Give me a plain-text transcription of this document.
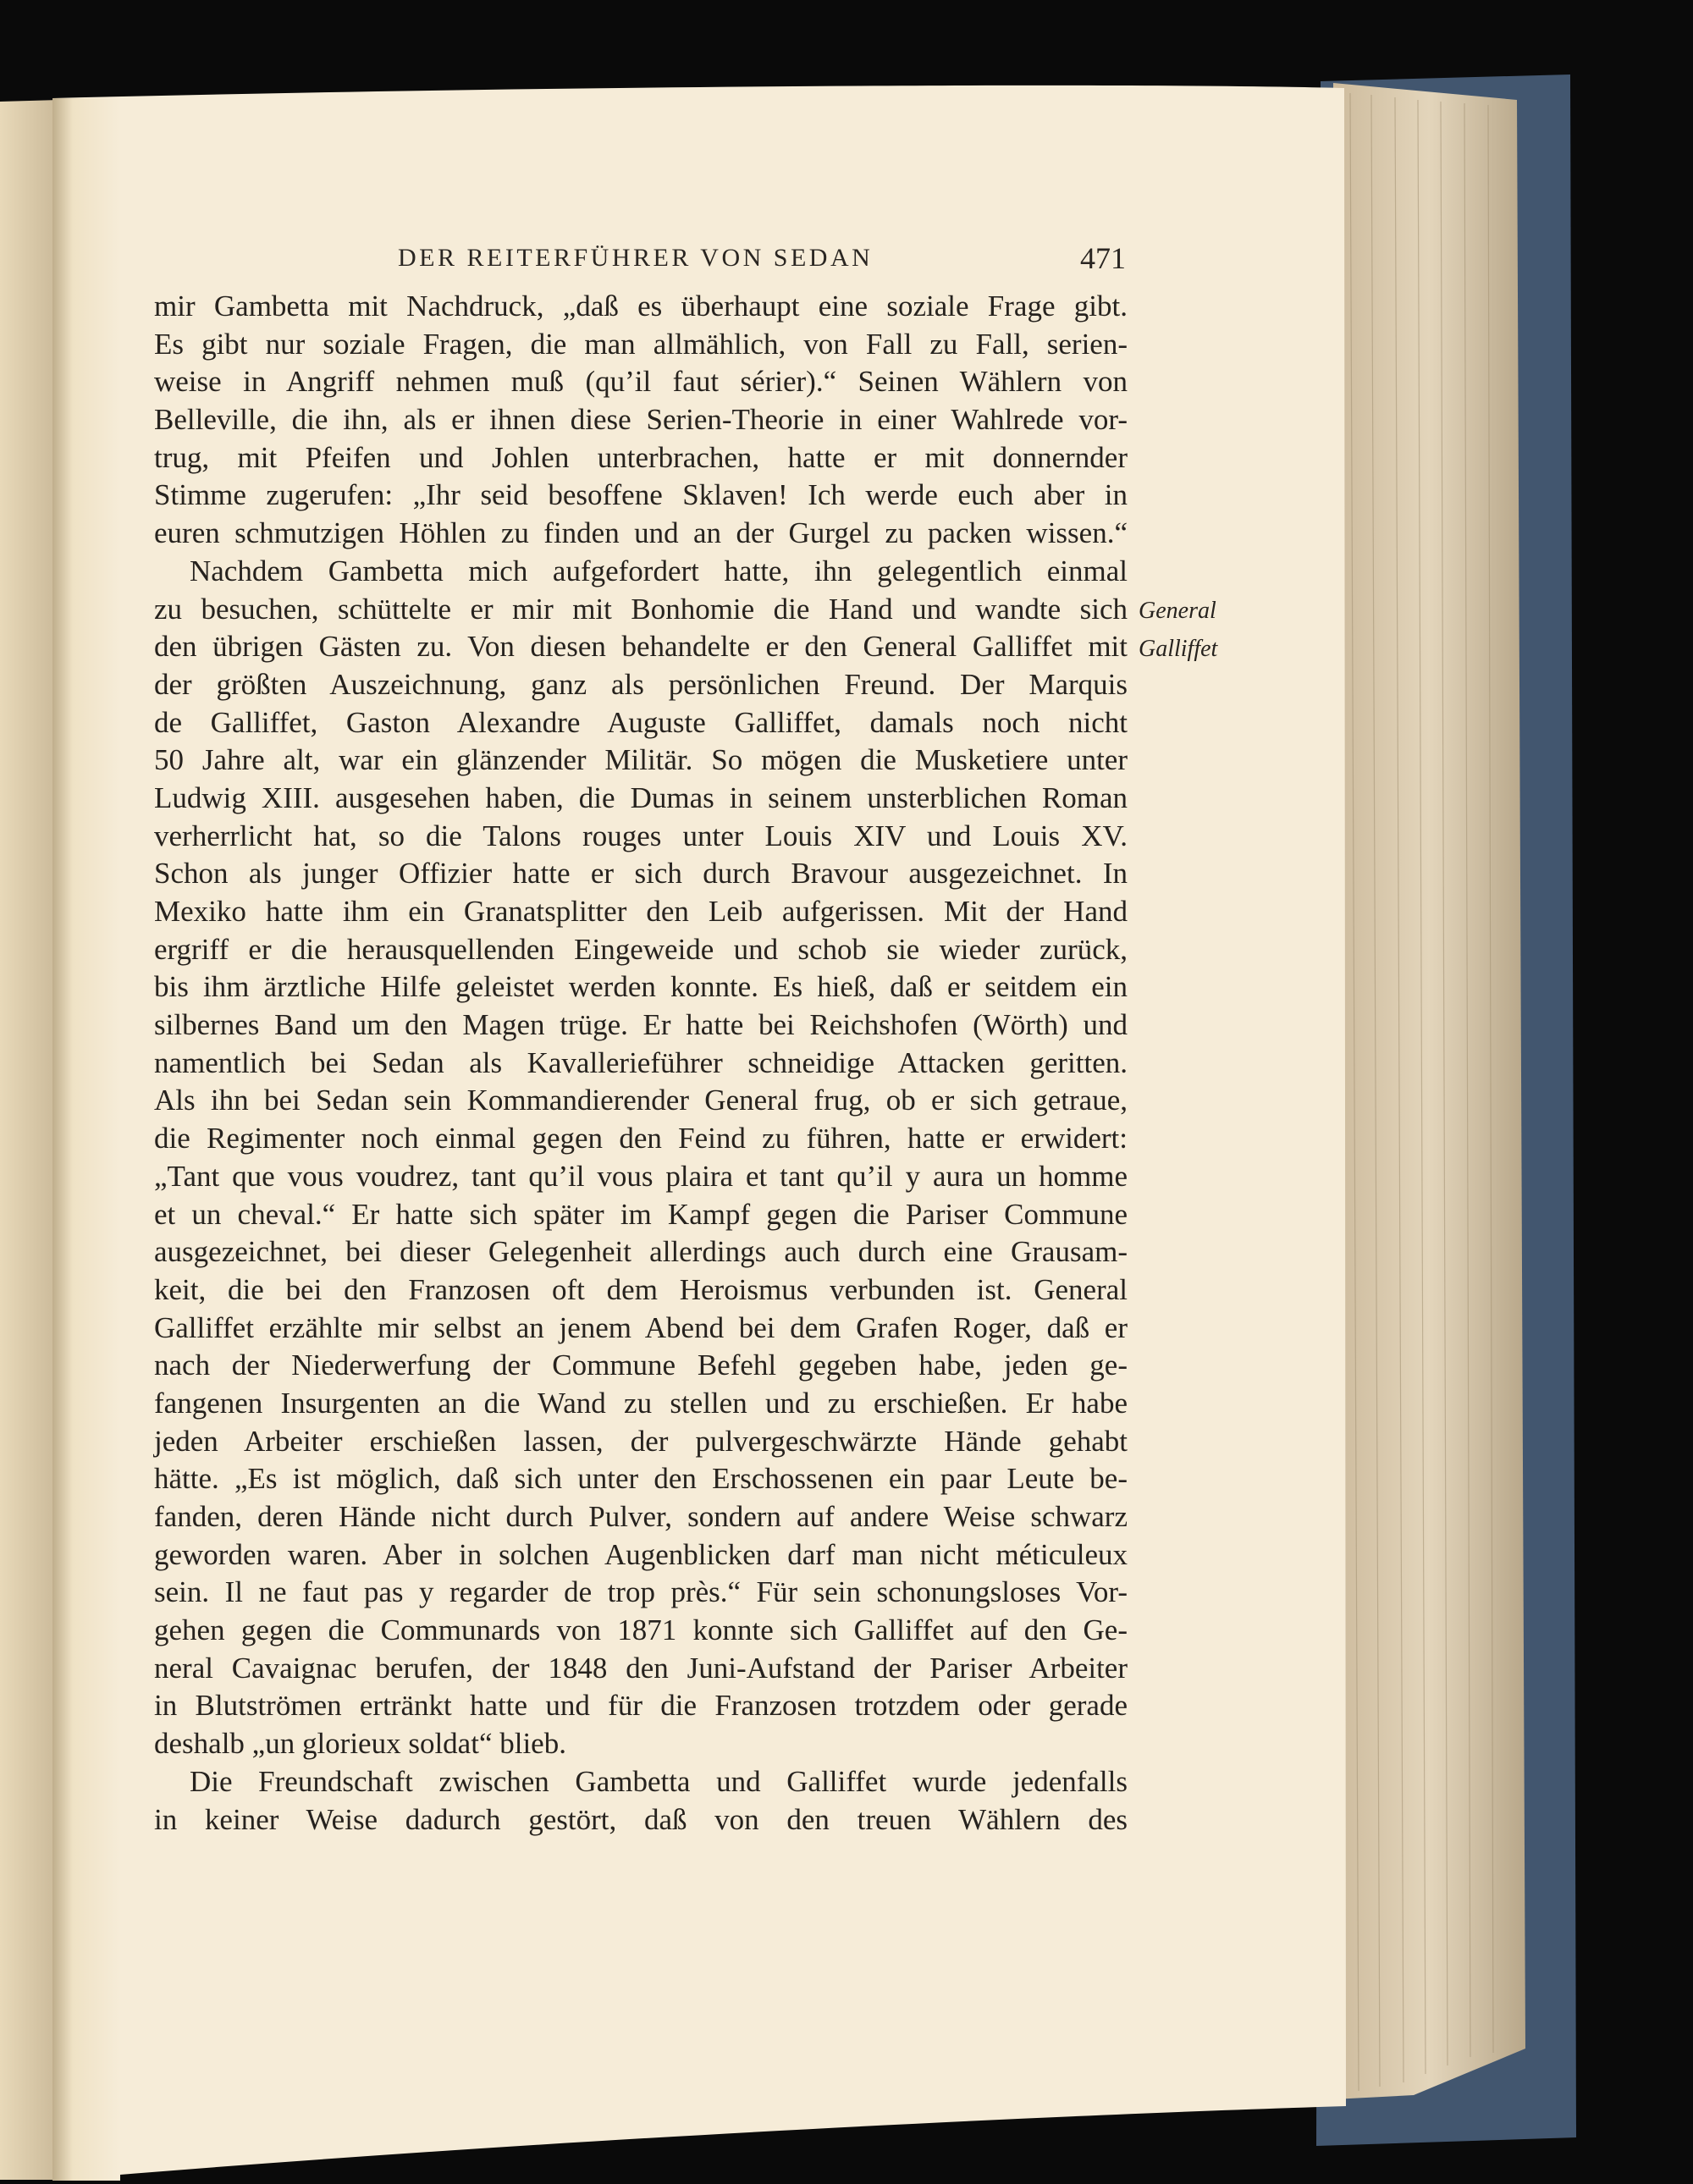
DER REITERFÜHRER VON SEDAN	471
mir Gambetta mit Nachdruck, „daß es überhaupt eine soziale Frage gibt.
Es gibt nur soziale Fragen, die man allmählich, von Fall zu Fall, serien-
weise in Angriff nehmen muß (qu’il faut sérier).“ Seinen Wählern von
Belleville, die ihn, als er ihnen diese Serien-Theorie in einer Wahlrede vor-
trug, mit Pfeifen und Johlen unterbrachen, hatte er mit donnernder
Stimme zugerufen: „Ihr seid besoffene Sklaven! Ich werde euch aber in
euren schmutzigen Höhlen zu finden und an der Gurgel zu packen wissen.“
Nachdem Gambetta mich aufgefordert hatte, ihn gelegentlich einmal
zu besuchen, schüttelte er mir mit Bonhomie die Hand und wandte sich
den übrigen Gästen zu. Von diesen behandelte er den General Galliffet mit
der größten Auszeichnung, ganz als persönlichen Freund. Der Marquis
de Galliffet, Gaston Alexandre Auguste Galliffet, damals noch nicht
50 Jahre alt, war ein glänzender Militär. So mögen die Musketiere unter
Ludwig XIII. ausgesehen haben, die Dumas in seinem unsterblichen Roman
verherrlicht hat, so die Talons rouges unter Louis XIV und Louis XV.
Schon als junger Offizier hatte er sich durch Bravour ausgezeichnet. In
Mexiko hatte ihm ein Granatsplitter den Leib aufgerissen. Mit der Hand
ergriff er die herausquellenden Eingeweide und schob sie wieder zurück,
bis ihm ärztliche Hilfe geleistet werden konnte. Es hieß, daß er seitdem ein
silbernes Band um den Magen trüge. Er hatte bei Reichshofen (Wörth) und
namentlich bei Sedan als Kavallerieführer schneidige Attacken geritten.
Als ihn bei Sedan sein Kommandierender General frug, ob er sich getraue,
die Regimenter noch einmal gegen den Feind zu führen, hatte er erwidert:
„Tant que vous voudrez, tant qu’il vous plaira et tant qu’il y aura un homme
et un cheval.“ Er hatte sich später im Kampf gegen die Pariser Commune
ausgezeichnet, bei dieser Gelegenheit allerdings auch durch eine Grausam-
keit, die bei den Franzosen oft dem Heroismus verbunden ist. General
Galliffet erzählte mir selbst an jenem Abend bei dem Grafen Roger, daß er
nach der Niederwerfung der Commune Befehl gegeben habe, jeden ge-
fangenen Insurgenten an die Wand zu stellen und zu erschießen. Er habe
jeden Arbeiter erschießen lassen, der pulvergeschwärzte Hände gehabt
hätte. „Es ist möglich, daß sich unter den Erschossenen ein paar Leute be-
fanden, deren Hände nicht durch Pulver, sondern auf andere Weise schwarz
geworden waren. Aber in solchen Augenblicken darf man nicht méticuleux
sein. Il ne faut pas y regarder de trop près.“ Für sein schonungsloses Vor-
gehen gegen die Communards von 1871 konnte sich Galliffet auf den Ge-
neral Cavaignac berufen, der 1848 den Juni-Aufstand der Pariser Arbeiter
in Blutströmen ertränkt hatte und für die Franzosen trotzdem oder gerade
deshalb „un glorieux soldat“ blieb.
Die Freundschaft zwischen Gambetta und Galliffet wurde jedenfalls
in keiner Weise dadurch gestört, daß von den treuen Wählern des
General
Galliffet
